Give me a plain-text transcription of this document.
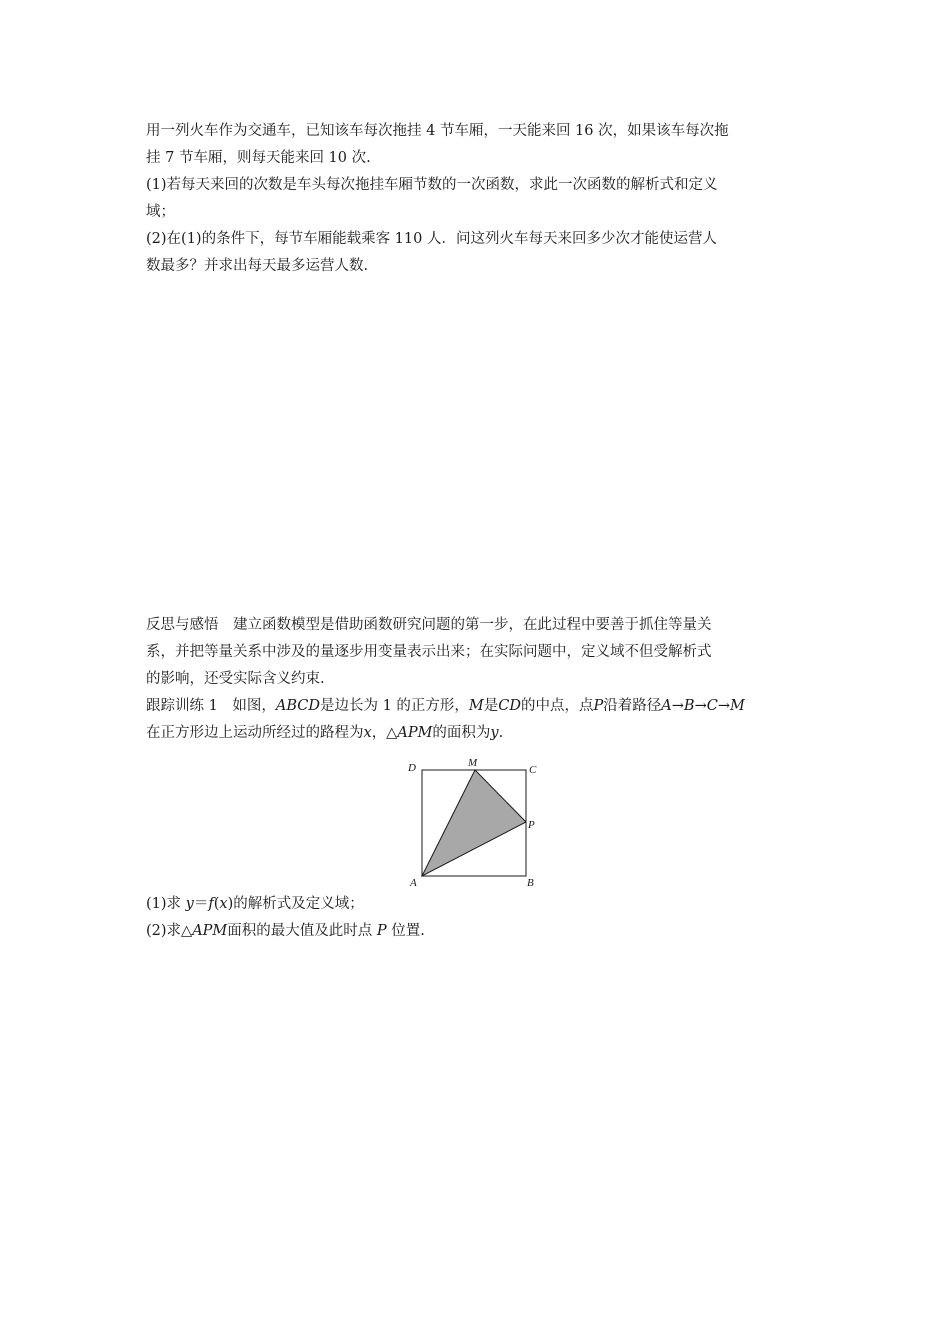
用一列火车作为交通车，已知该车每次拖挂 4 节车厢，一天能来回 16 次，如果该车每次拖
挂 7 节车厢，则每天能来回 10 次.
(1)若每天来回的次数是车头每次拖挂车厢节数的一次函数，求此一次函数的解析式和定义
域；
(2)在(1)的条件下，每节车厢能载乘客 110 人．问这列火车每天来回多少次才能使运营人
数最多？并求出每天最多运营人数.
反思与感悟　建立函数模型是借助函数研究问题的第一步，在此过程中要善于抓住等量关
系，并把等量关系中涉及的量逐步用变量表示出来；在实际问题中，定义域不但受解析式
的影响，还受实际含义约束.
跟踪训练 1　如图，ABCD是边长为 1 的正方形，M是CD的中点，点P沿着路径A→B→C→M
在正方形边上运动所经过的路程为x，△APM的面积为y.
D	M
C
P
A	B
(1)求 y＝f(x)的解析式及定义域；
(2)求△APM面积的最大值及此时点 P 位置.
